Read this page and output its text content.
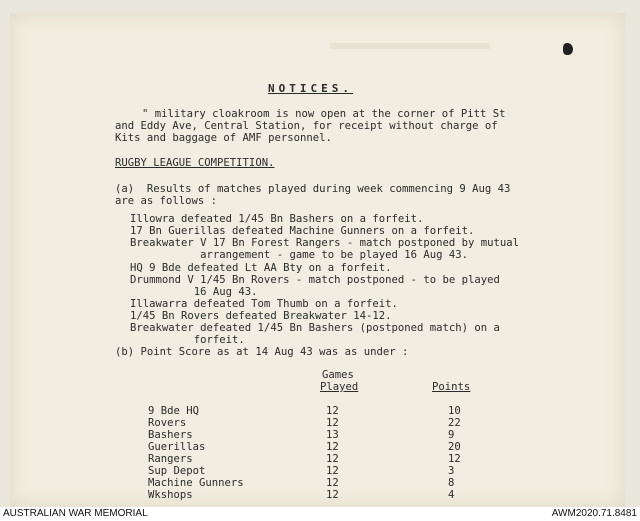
NOTICES.
" military cloakroom is now open at the corner of Pitt St
and Eddy Ave, Central Station, for receipt without charge of
Kits and baggage of AMF personnel.
RUGBY LEAGUE COMPETITION.
(a)  Results of matches played during week commencing 9 Aug 43
are as follows :
Illowra defeated 1/45 Bn Bashers on a forfeit.
17 Bn Guerillas defeated Machine Gunners on a forfeit.
Breakwater V 17 Bn Forest Rangers - match postponed by mutual
arrangement - game to be played 16 Aug 43.
HQ 9 Bde defeated Lt AA Bty on a forfeit.
Drummond V 1/45 Bn Rovers - match postponed - to be played
16 Aug 43.
Illawarra defeated Tom Thumb on a forfeit.
1/45 Bn Rovers defeated Breakwater 14-12.
Breakwater defeated 1/45 Bn Bashers (postponed match) on a
forfeit.
(b) Point Score as at 14 Aug 43 was as under :
Games
Played	Points
9 Bde HQ	12	10
Rovers	12	22
Bashers	13	9
Guerillas	12	20
Rangers	12	12
Sup Depot	12	3
Machine Gunners	12	8
Wkshops	12	4
AUSTRALIAN WAR MEMORIAL	AWM2020.71.8481
